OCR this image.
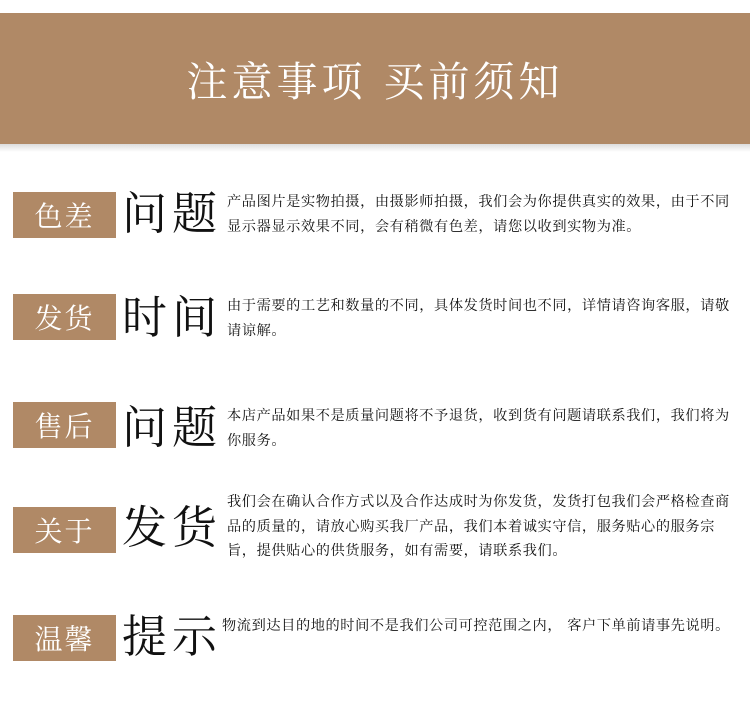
注意事项 买前须知
色差 问题 产品图片是实物拍摄，由摄影师拍摄，我们会为你提供真实的效果，由于不同显示器显示效果不同，会有稍微有色差，请您以收到实物为准。
发货 时间 由于需要的工艺和数量的不同，具体发货时间也不同，详情请咨询客服，请敬请谅解。
售后 问题 本店产品如果不是质量问题将不予退货，收到货有问题请联系我们，我们将为你服务。
关于 发货 我们会在确认合作方式以及合作达成时为你发货，发货打包我们会严格检查商品的质量的，请放心购买我厂产品，我们本着诚实守信，服务贴心的服务宗旨，提供贴心的供货服务，如有需要，请联系我们。
温馨 提示 物流到达目的地的时间不是我们公司可控范围之内， 客户下单前请事先说明。
